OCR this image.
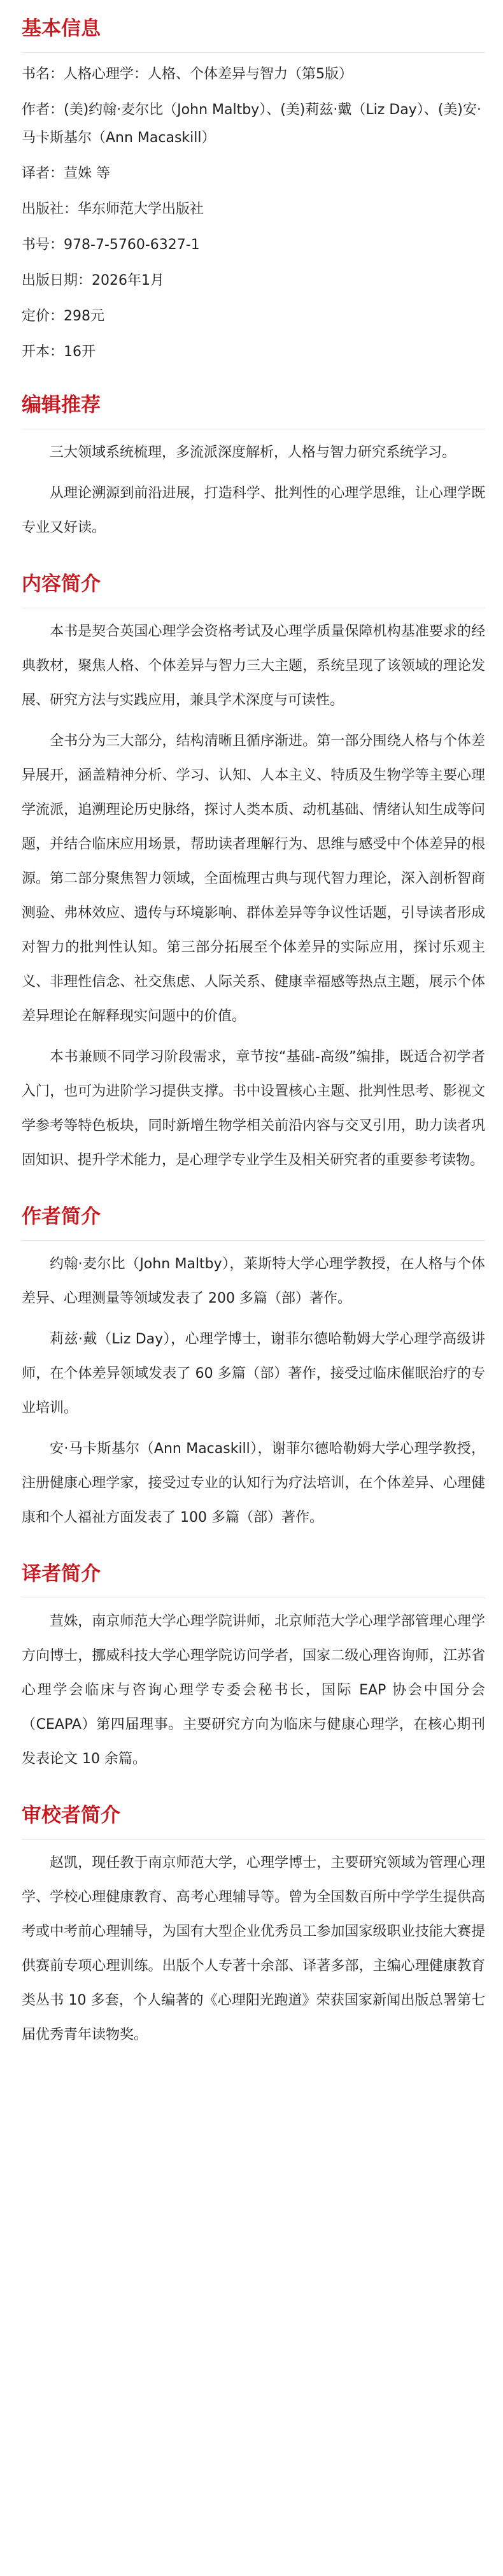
基本信息
书名：人格心理学：人格、个体差异与智力（第5版）
作者：(美)约翰·麦尔比（John Maltby）、(美)莉兹·戴（Liz Day）、(美)安·马卡斯基尔（Ann Macaskill）
译者：荁姝 等
出版社：华东师范大学出版社
书号：978-7-5760-6327-1
出版日期：2026年1月
定价：298元
开本：16开
编辑推荐

三大领域系统梳理，多流派深度解析，人格与智力研究系统学习。

从理论溯源到前沿进展，打造科学、批判性的心理学思维，让心理学既专业又好读。

内容简介

本书是契合英国心理学会资格考试及心理学质量保障机构基准要求的经典教材，聚焦人格、个体差异与智力三大主题，系统呈现了该领域的理论发展、研究方法与实践应用，兼具学术深度与可读性。

全书分为三大部分，结构清晰且循序渐进。第一部分围绕人格与个体差异展开，涵盖精神分析、学习、认知、人本主义、特质及生物学等主要心理学流派，追溯理论历史脉络，探讨人类本质、动机基础、情绪认知生成等问题，并结合临床应用场景，帮助读者理解行为、思维与感受中个体差异的根源。第二部分聚焦智力领域，全面梳理古典与现代智力理论，深入剖析智商测验、弗林效应、遗传与环境影响、群体差异等争议性话题，引导读者形成对智力的批判性认知。第三部分拓展至个体差异的实际应用，探讨乐观主义、非理性信念、社交焦虑、人际关系、健康幸福感等热点主题，展示个体差异理论在解释现实问题中的价值。

本书兼顾不同学习阶段需求，章节按“基础-高级”编排，既适合初学者入门，也可为进阶学习提供支撑。书中设置核心主题、批判性思考、影视文学参考等特色板块，同时新增生物学相关前沿内容与交叉引用，助力读者巩固知识、提升学术能力，是心理学专业学生及相关研究者的重要参考读物。

作者简介

约翰·麦尔比（John Maltby），莱斯特大学心理学教授，在人格与个体差异、心理测量等领域发表了 200 多篇（部）著作。

莉兹·戴（Liz Day），心理学博士，谢菲尔德哈勒姆大学心理学高级讲师，在个体差异领域发表了 60 多篇（部）著作，接受过临床催眠治疗的专业培训。

安·马卡斯基尔（Ann Macaskill），谢菲尔德哈勒姆大学心理学教授，注册健康心理学家，接受过专业的认知行为疗法培训，在个体差异、心理健康和个人福祉方面发表了 100 多篇（部）著作。

译者简介

荁姝，南京师范大学心理学院讲师，北京师范大学心理学部管理心理学方向博士，挪威科技大学心理学院访问学者，国家二级心理咨询师，江苏省心理学会临床与咨询心理学专委会秘书长，国际 EAP 协会中国分会（CEAPA）第四届理事。主要研究方向为临床与健康心理学，在核心期刊发表论文 10 余篇。

审校者简介

赵凯，现任教于南京师范大学，心理学博士，主要研究领域为管理心理学、学校心理健康教育、高考心理辅导等。曾为全国数百所中学学生提供高考或中考前心理辅导，为国有大型企业优秀员工参加国家级职业技能大赛提供赛前专项心理训练。出版个人专著十余部、译著多部，主编心理健康教育类丛书 10 多套，个人编著的《心理阳光跑道》荣获国家新闻出版总署第七届优秀青年读物奖。
